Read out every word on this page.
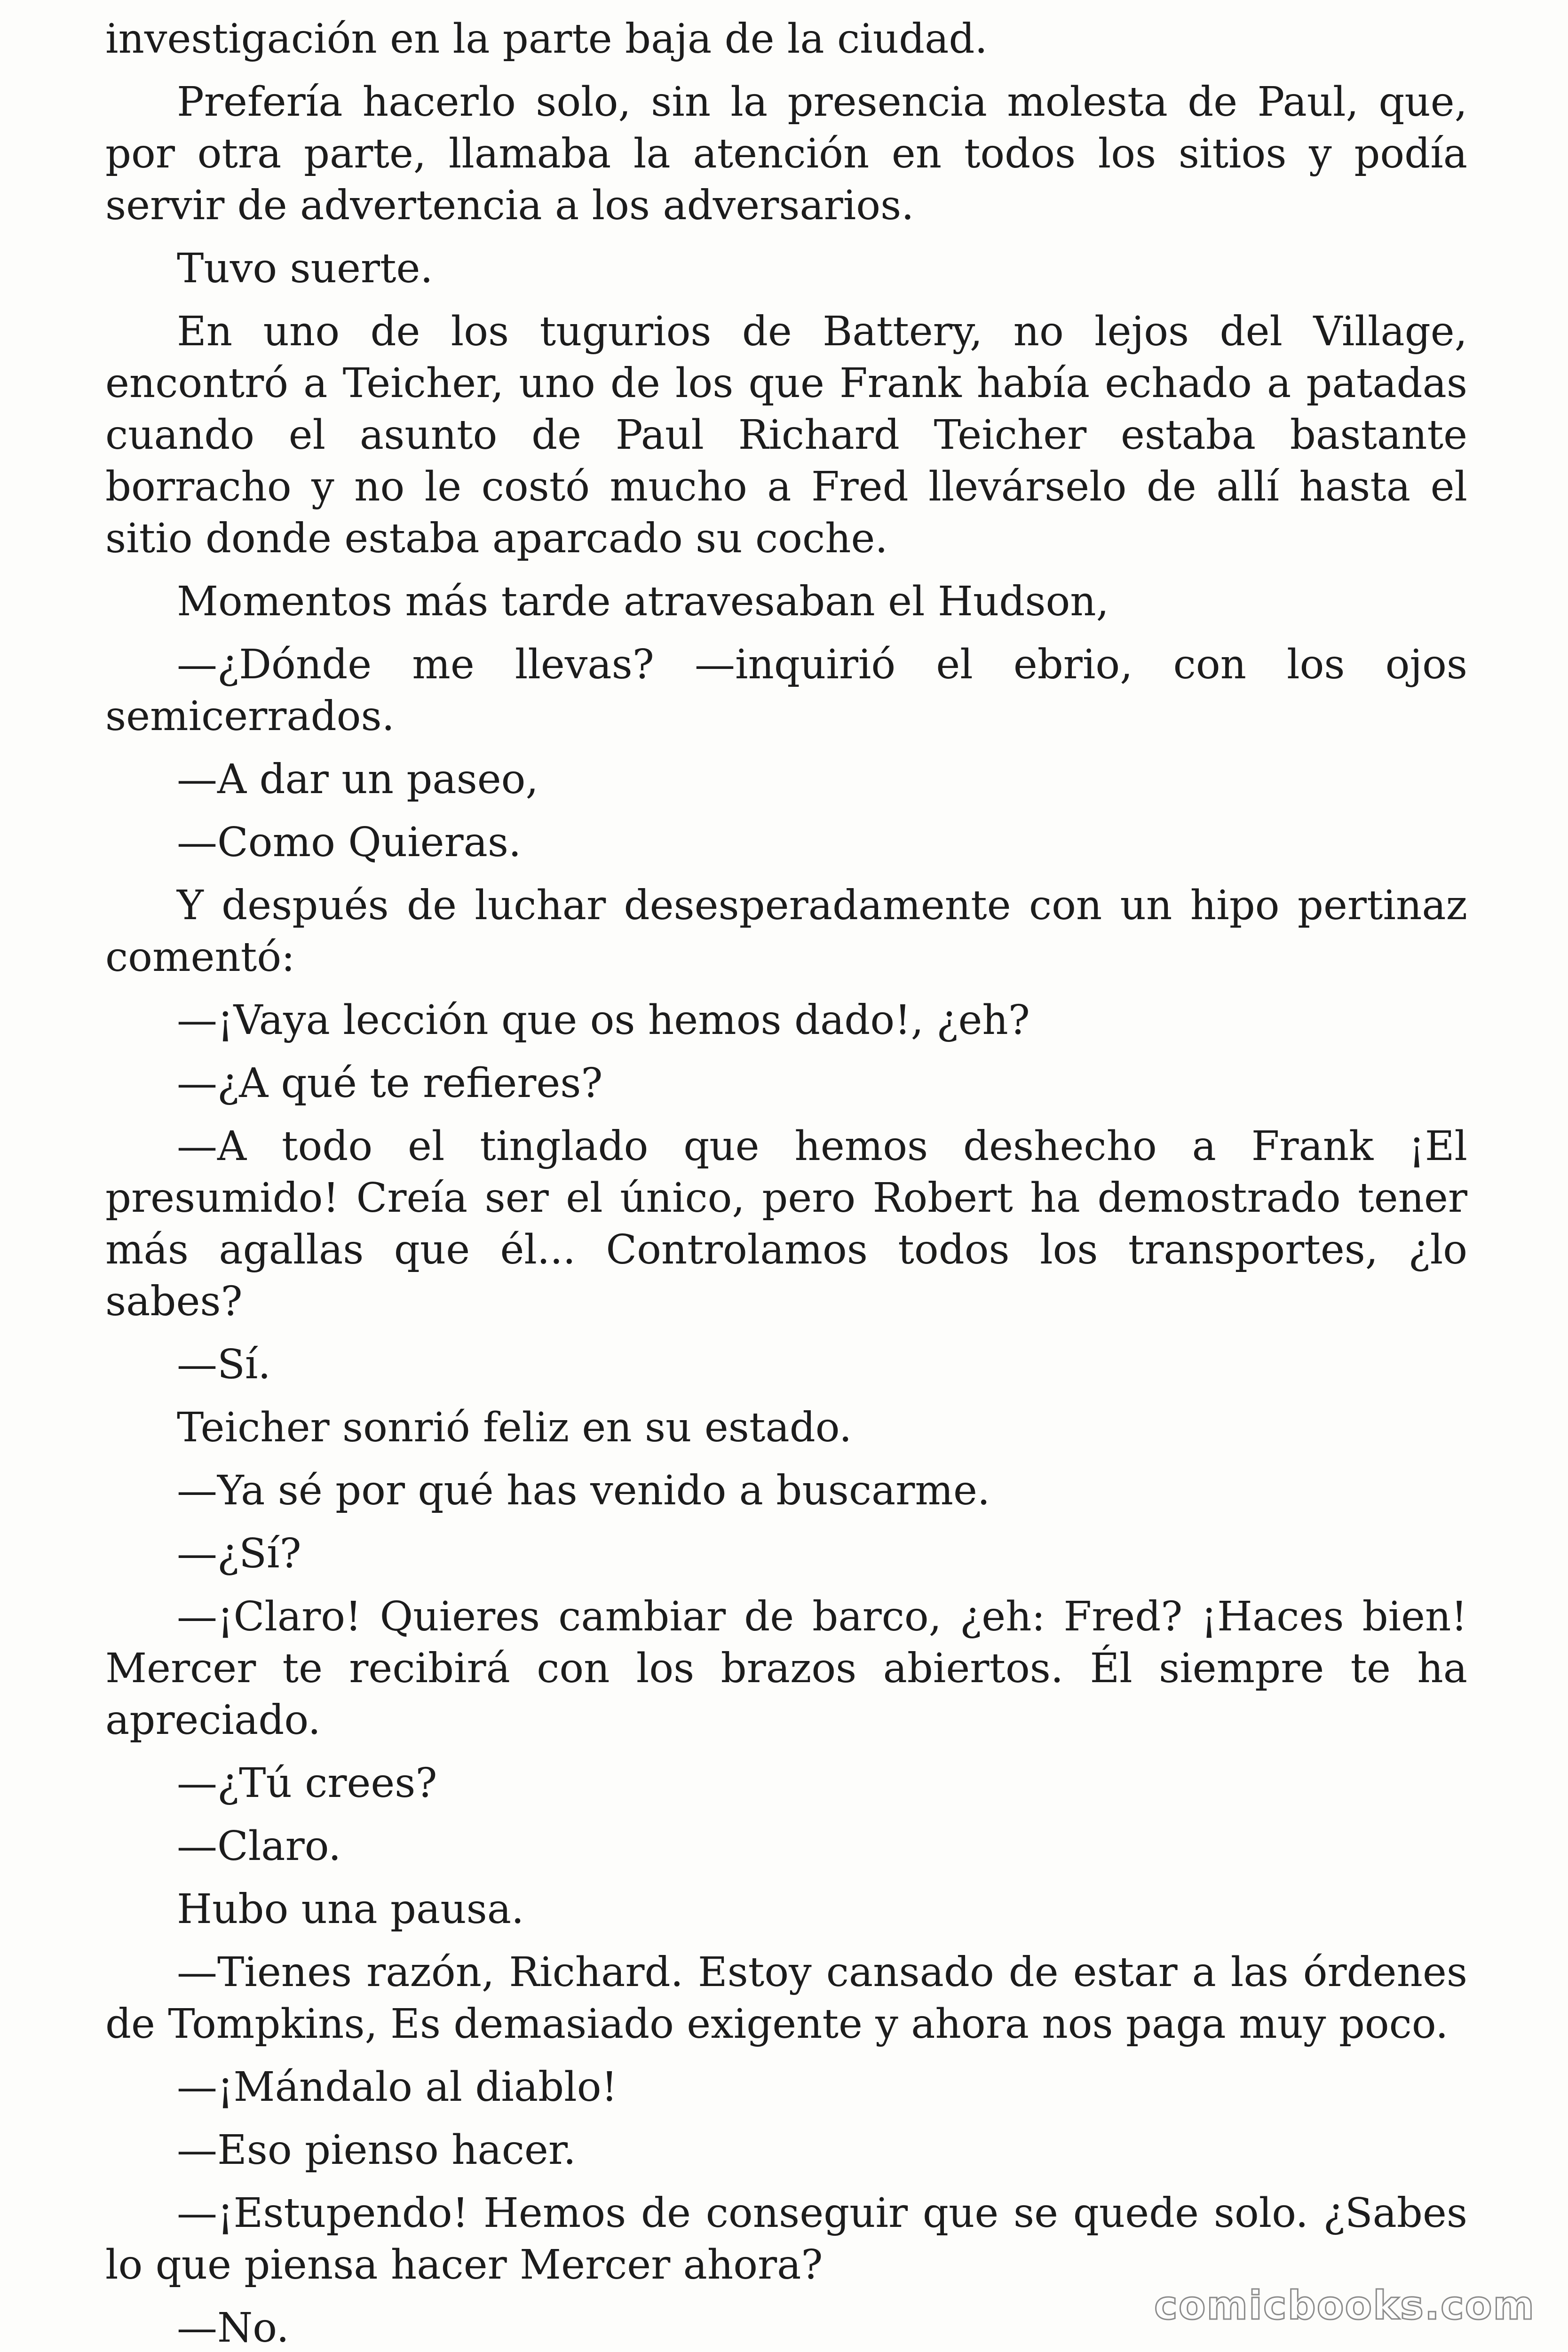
investigación en la parte baja de la ciudad.

Prefería hacerlo solo, sin la presencia molesta de Paul, que, por otra parte, llamaba la atención en todos los sitios y podía servir de advertencia a los adversarios.

Tuvo suerte.

En uno de los tugurios de Battery, no lejos del Village, encontró a Teicher, uno de los que Frank había echado a patadas cuando el asunto de Paul Richard Teicher estaba bastante borracho y no le costó mucho a Fred llevárselo de allí hasta el sitio donde estaba aparcado su coche.

Momentos más tarde atravesaban el Hudson,

—¿Dónde me llevas? —inquirió el ebrio, con los ojos semicerrados.

—A dar un paseo,

—Como Quieras.

Y después de luchar desesperadamente con un hipo pertinaz comentó:

—¡Vaya lección que os hemos dado!, ¿eh?

—¿A qué te refieres?

—A todo el tinglado que hemos deshecho a Frank ¡El presumido! Creía ser el único, pero Robert ha demostrado tener más agallas que él... Controlamos todos los transportes, ¿lo sabes?

—Sí.

Teicher sonrió feliz en su estado.

—Ya sé por qué has venido a buscarme.

—¿Sí?

—¡Claro! Quieres cambiar de barco, ¿eh: Fred? ¡Haces bien! Mercer te recibirá con los brazos abiertos. Él siempre te ha apreciado.

—¿Tú crees?

—Claro.

Hubo una pausa.

—Tienes razón, Richard. Estoy cansado de estar a las órdenes de Tompkins, Es demasiado exigente y ahora nos paga muy poco.

—¡Mándalo al diablo!

—Eso pienso hacer.

—¡Estupendo! Hemos de conseguir que se quede solo. ¿Sabes lo que piensa hacer Mercer ahora?

—No.	comicbooks.com
